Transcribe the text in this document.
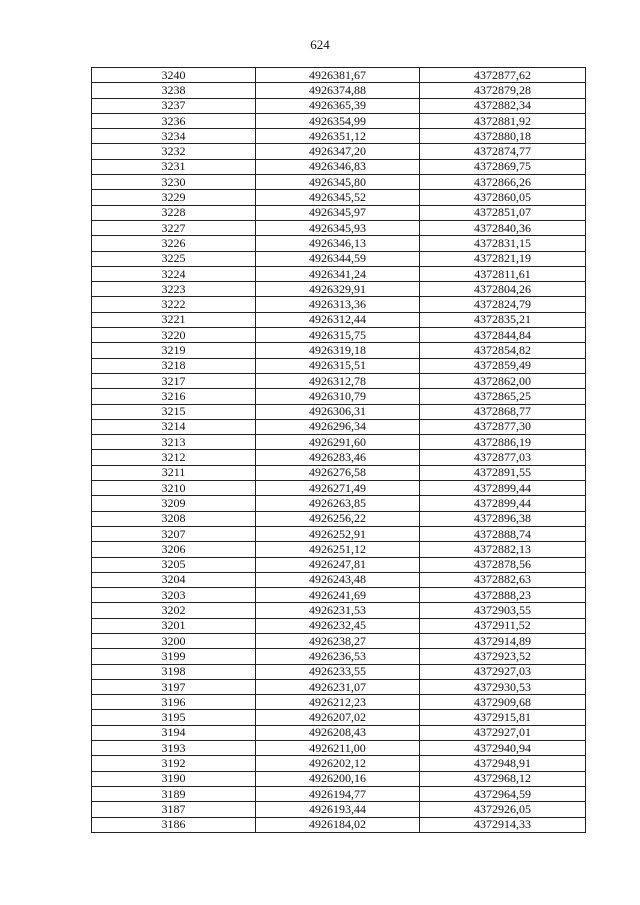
624
3240	4926381,67	4372877,62
3238	4926374,88	4372879,28
3237	4926365,39	4372882,34
3236	4926354,99	4372881,92
3234	4926351,12	4372880,18
3232	4926347,20	4372874,77
3231	4926346,83	4372869,75
3230	4926345,80	4372866,26
3229	4926345,52	4372860,05
3228	4926345,97	4372851,07
3227	4926345,93	4372840,36
3226	4926346,13	4372831,15
3225	4926344,59	4372821,19
3224	4926341,24	4372811,61
3223	4926329,91	4372804,26
3222	4926313,36	4372824,79
3221	4926312,44	4372835,21
3220	4926315,75	4372844,84
3219	4926319,18	4372854,82
3218	4926315,51	4372859,49
3217	4926312,78	4372862,00
3216	4926310,79	4372865,25
3215	4926306,31	4372868,77
3214	4926296,34	4372877,30
3213	4926291,60	4372886,19
3212	4926283,46	4372877,03
3211	4926276,58	4372891,55
3210	4926271,49	4372899,44
3209	4926263,85	4372899,44
3208	4926256,22	4372896,38
3207	4926252,91	4372888,74
3206	4926251,12	4372882,13
3205	4926247,81	4372878,56
3204	4926243,48	4372882,63
3203	4926241,69	4372888,23
3202	4926231,53	4372903,55
3201	4926232,45	4372911,52
3200	4926238,27	4372914,89
3199	4926236,53	4372923,52
3198	4926233,55	4372927,03
3197	4926231,07	4372930,53
3196	4926212,23	4372909,68
3195	4926207,02	4372915,81
3194	4926208,43	4372927,01
3193	4926211,00	4372940,94
3192	4926202,12	4372948,91
3190	4926200,16	4372968,12
3189	4926194,77	4372964,59
3187	4926193,44	4372926,05
3186	4926184,02	4372914,33
